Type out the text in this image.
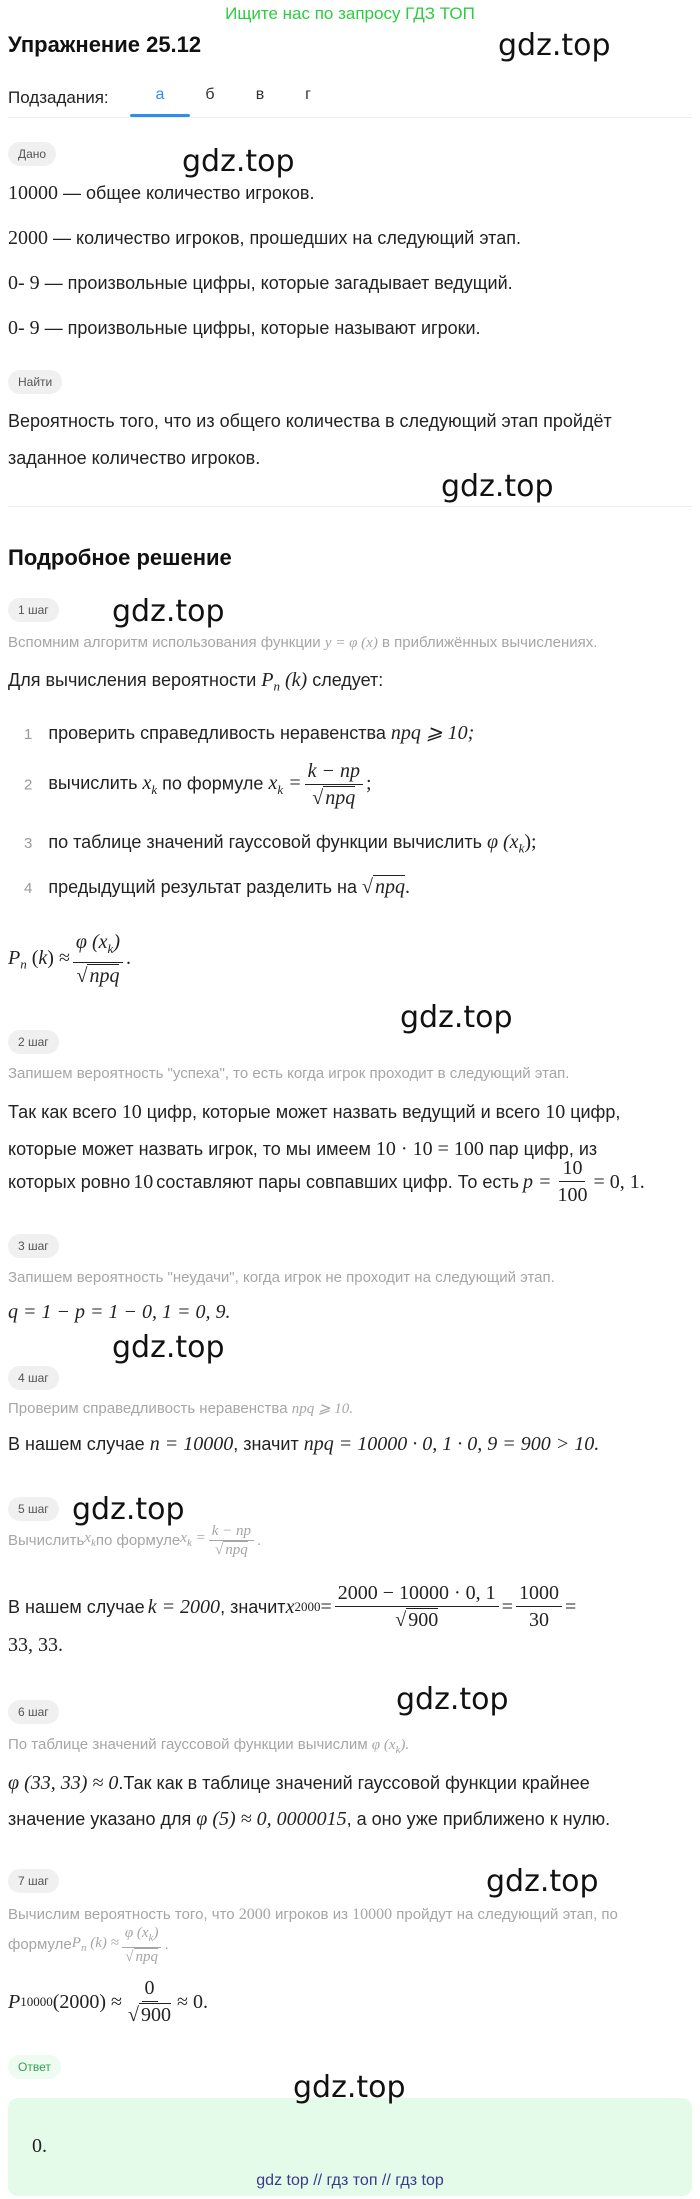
Ищите нас по запросу ГДЗ ТОП
Упражнение 25.12	gdz.top
Подзадания:	а	б	в	г
Дано	gdz.top
10000 — общее количество игроков.
2000 — количество игроков, прошедших на следующий этап.
0- 9 — произвольные цифры, которые загадывает ведущий.
0- 9 — произвольные цифры, которые называют игроки.
Найти
Вероятность того, что из общего количества в следующий этап пройдёт
заданное количество игроков.
gdz.top
Подробное решение
1 шаг	gdz.top
Вспомним алгоритм использования функции y = φ (x) в приближённых вычислениях.
Для вычисления вероятности $P_n$ (k) следует:
1 проверить справедливость неравенства npq ⩾ 10;
2 вычислить $x_k$ по формуле $x_k = \frac{k - np}{\text{√ npq}}$ ;
3 по таблице значений гауссовой функции вычислить φ $(x_k)$;
4 предыдущий результат разделить на √ npq.
$P_n$ $(k) \approx \frac{\varphi (x_k)}{\text{√ npq}}$ .
gdz.top
2 шаг
Запишем вероятность "успеха", то есть когда игрок проходит в следующий этап.
Так как всего 10 цифр, которые может назвать ведущий и всего 10 цифр,
которые может назвать игрок, то мы имеем 10 · 10 = 100 пар цифр, из
которых ровно 10 составляют пары совпавших цифр. То есть $p = \frac{10}{100} = 0$, 1.
3 шаг
Запишем вероятность "неудачи", когда игрок не проходит на следующий этап.
q = 1 − p = 1 − 0, 1 = 0, 9.
gdz.top
4 шаг
Проверим справедливость неравенства npq ⩾ 10.
В нашем случае n = 10000, значит npq = 10000 · 0, 1 · 0, 9 = 900 > 10.
5 шаг gdz.top
Вычислить $x_k$ по формуле $x_k = \frac{k - np}{\text{√ npq}}$ .
В нашем случае k = 2000 , значит x $2000 = \frac{2000 - 10000 \cdot 0, 1}{√ 900} = \frac{1000}{30}$ =
33, 33.
gdz.top
6 шаг
По таблице значений гауссовой функции вычислим φ $(x_k)$.
φ (33, 33) ≈ 0.Так как в таблице значений гауссовой функции крайнее
значение указано для φ (5) ≈ 0, 0000015, а оно уже приближено к нулю.
gdz.top
7 шаг
Вычислим вероятность того, что 2000 игроков из 10000 пройдут на следующий этап, по
формуле $P_n$ $(k) \approx \frac{\varphi (x_k)}{\text{√ npq}}$ .
P 10000 $(2000) \approx \frac{0}{√ 900} \approx 0$.
Ответ
gdz.top
0.
gdz top // гдз топ // гдз top
